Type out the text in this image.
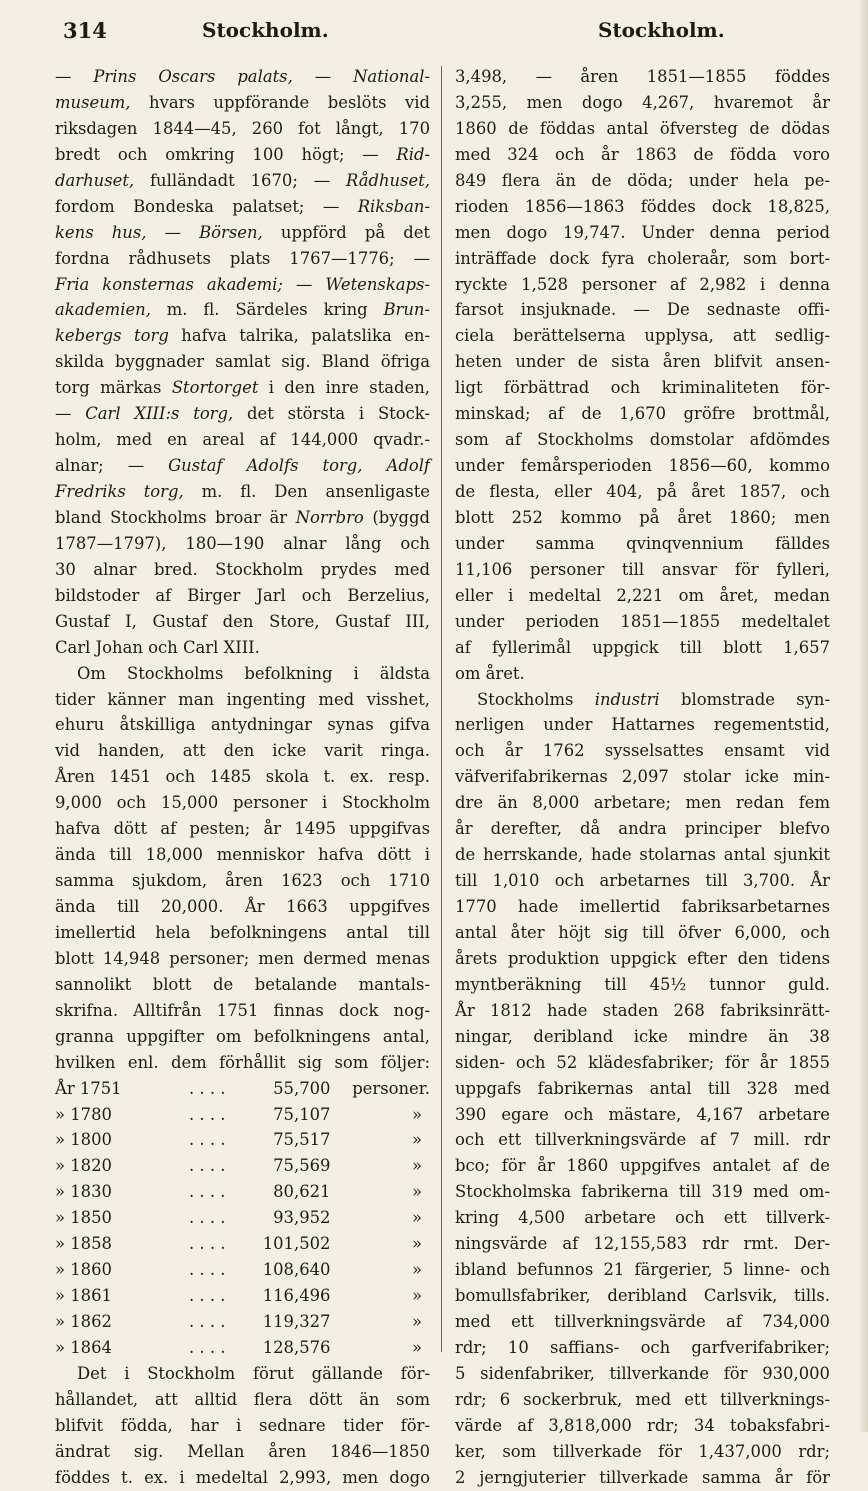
314	Stockholm.	Stockholm.
— Prins Oscars palats, — National-
museum, hvars uppförande beslöts vid
riksdagen 1844—45, 260 fot långt, 170
bredt och omkring 100 högt; — Rid-
darhuset, fulländadt 1670; — Rådhuset,
fordom Bondeska palatset; — Riksban-
kens hus, — Börsen, uppförd på det
fordna rådhusets plats 1767—1776; —
Fria konsternas akademi; — Wetenskaps-
akademien, m. fl. Särdeles kring Brun-
kebergs torg hafva talrika, palatslika en-
skilda byggnader samlat sig. Bland öfriga
torg märkas Stortorget i den inre staden,
— Carl XIII:s torg, det största i Stock-
holm, med en areal af 144,000 qvadr.-
alnar; — Gustaf Adolfs torg, Adolf
Fredriks torg, m. fl. Den ansenligaste
bland Stockholms broar är Norrbro (byggd
1787—1797), 180—190 alnar lång och
30 alnar bred. Stockholm prydes med
bildstoder af Birger Jarl och Berzelius,
Gustaf I, Gustaf den Store, Gustaf III,
Carl Johan och Carl XIII.
Om Stockholms befolkning i äldsta
tider känner man ingenting med visshet,
ehuru åtskilliga antydningar synas gifva
vid handen, att den icke varit ringa.
Åren 1451 och 1485 skola t. ex. resp.
9,000 och 15,000 personer i Stockholm
hafva dött af pesten; år 1495 uppgifvas
ända till 18,000 menniskor hafva dött i
samma sjukdom, åren 1623 och 1710
ända till 20,000. År 1663 uppgifves
imellertid hela befolkningens antal till
blott 14,948 personer; men dermed menas
sannolikt blott de betalande mantals-
skrifna. Alltifrån 1751 finnas dock nog-
granna uppgifter om befolkningens antal,
hvilken enl. dem förhållit sig som följer:
År 1751	. . . .	55,700	personer.
» 1780	. . . .	75,107	»
» 1800	. . . .	75,517	»
» 1820	. . . .	75,569	»
» 1830	. . . .	80,621	»
» 1850	. . . .	93,952	»
» 1858	. . . .	101,502	»
» 1860	. . . .	108,640	»
» 1861	. . . .	116,496	»
» 1862	. . . .	119,327	»
» 1864	. . . .	128,576	»
Det i Stockholm förut gällande för-
hållandet, att alltid flera dött än som
blifvit födda, har i sednare tider för-
ändrat sig. Mellan åren 1846—1850
föddes t. ex. i medeltal 2,993, men dogo
3,498, — åren 1851—1855 föddes
3,255, men dogo 4,267, hvaremot år
1860 de föddas antal öfversteg de dödas
med 324 och år 1863 de födda voro
849 flera än de döda; under hela pe-
rioden 1856—1863 föddes dock 18,825,
men dogo 19,747. Under denna period
inträffade dock fyra choleraår, som bort-
ryckte 1,528 personer af 2,982 i denna
farsot insjuknade. — De sednaste offi-
ciela berättelserna upplysa, att sedlig-
heten under de sista åren blifvit ansen-
ligt förbättrad och kriminaliteten för-
minskad; af de 1,670 gröfre brottmål,
som af Stockholms domstolar afdömdes
under femårsperioden 1856—60, kommo
de flesta, eller 404, på året 1857, och
blott 252 kommo på året 1860; men
under samma qvinqvennium fälldes
11,106 personer till ansvar för fylleri,
eller i medeltal 2,221 om året, medan
under perioden 1851—1855 medeltalet
af fyllerimål uppgick till blott 1,657
om året.
Stockholms industri blomstrade syn-
nerligen under Hattarnes regementstid,
och år 1762 sysselsattes ensamt vid
väfverifabrikernas 2,097 stolar icke min-
dre än 8,000 arbetare; men redan fem
år derefter, då andra principer blefvo
de herrskande, hade stolarnas antal sjunkit
till 1,010 och arbetarnes till 3,700. År
1770 hade imellertid fabriksarbetarnes
antal åter höjt sig till öfver 6,000, och
årets produktion uppgick efter den tidens
myntberäkning till 45½ tunnor guld.
År 1812 hade staden 268 fabriksinrätt-
ningar, deribland icke mindre än 38
siden- och 52 klädesfabriker; för år 1855
uppgafs fabrikernas antal till 328 med
390 egare och mästare, 4,167 arbetare
och ett tillverkningsvärde af 7 mill. rdr
bco; för år 1860 uppgifves antalet af de
Stockholmska fabrikerna till 319 med om-
kring 4,500 arbetare och ett tillverk-
ningsvärde af 12,155,583 rdr rmt. Der-
ibland befunnos 21 färgerier, 5 linne- och
bomullsfabriker, deribland Carlsvik, tills.
med ett tillverkningsvärde af 734,000
rdr; 10 saffians- och garfverifabriker;
5 sidenfabriker, tillverkande för 930,000
rdr; 6 sockerbruk, med ett tillverknings-
värde af 3,818,000 rdr; 34 tobaksfabri-
ker, som tillverkade för 1,437,000 rdr;
2 jerngjuterier tillverkade samma år för
